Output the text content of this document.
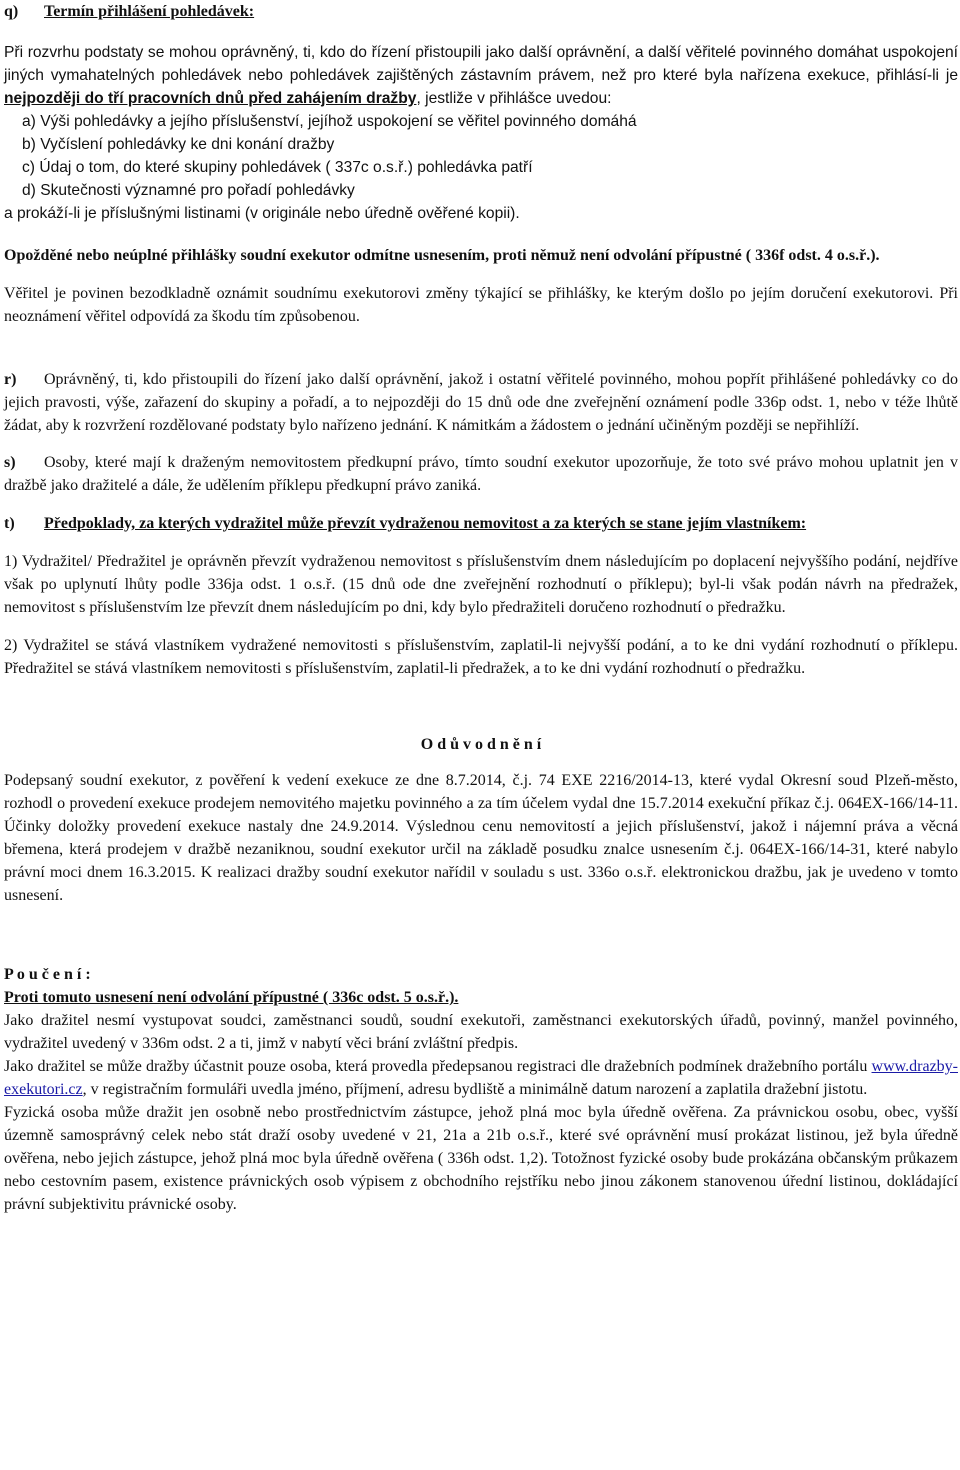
q) Termín přihlášení pohledávek:

Při rozvrhu podstaty se mohou oprávněný, ti, kdo do řízení přistoupili jako další oprávnění, a další věřitelé povinného domáhat uspokojení jiných vymahatelných pohledávek nebo pohledávek zajištěných zástavním právem, než pro které byla nařízena exekuce, přihlásí-li je nejpozději do tří pracovních dnů před zahájením dražby, jestliže v přihlášce uvedou:

a) Výši pohledávky a jejího příslušenství, jejíhož uspokojení se věřitel povinného domáhá

b) Vyčíslení pohledávky ke dni konání dražby

c) Údaj o tom, do které skupiny pohledávek ( 337c o.s.ř.) pohledávka patří

d) Skutečnosti významné pro pořadí pohledávky

a prokáží-li je příslušnými listinami (v originále nebo úředně ověřené kopii).

Opožděné nebo neúplné přihlášky soudní exekutor odmítne usnesením, proti němuž není odvolání přípustné ( 336f odst. 4 o.s.ř.).

Věřitel je povinen bezodkladně oznámit soudnímu exekutorovi změny týkající se přihlášky, ke kterým došlo po jejím doručení exekutorovi. Při neoznámení věřitel odpovídá za škodu tím způsobenou.

r) Oprávněný, ti, kdo přistoupili do řízení jako další oprávnění, jakož i ostatní věřitelé povinného, mohou popřít přihlášené pohledávky co do jejich pravosti, výše, zařazení do skupiny a pořadí, a to nejpozději do 15 dnů ode dne zveřejnění oznámení podle 336p odst. 1, nebo v téže lhůtě žádat, aby k rozvržení rozdělované podstaty bylo nařízeno jednání. K námitkám a žádostem o jednání učiněným později se nepřihlíží.

s) Osoby, které mají k draženým nemovitostem předkupní právo, tímto soudní exekutor upozorňuje, že toto své právo mohou uplatnit jen v dražbě jako dražitelé a dále, že udělením příklepu předkupní právo zaniká.

t) Předpoklady, za kterých vydražitel může převzít vydraženou nemovitost a za kterých se stane jejím vlastníkem:

1) Vydražitel/ Předražitel je oprávněn převzít vydraženou nemovitost s příslušenstvím dnem následujícím po doplacení nejvyššího podání, nejdříve však po uplynutí lhůty podle 336ja odst. 1 o.s.ř. (15 dnů ode dne zveřejnění rozhodnutí o příklepu); byl-li však podán návrh na předražek, nemovitost s příslušenstvím lze převzít dnem následujícím po dni, kdy bylo předražiteli doručeno rozhodnutí o předražku.

2) Vydražitel se stává vlastníkem vydražené nemovitosti s příslušenstvím, zaplatil-li nejvyšší podání, a to ke dni vydání rozhodnutí o příklepu. Předražitel se stává vlastníkem nemovitosti s příslušenstvím, zaplatil-li předražek, a to ke dni vydání rozhodnutí o předražku.

O d ů v o d n ě n í

Podepsaný soudní exekutor, z pověření k vedení exekuce ze dne 8.7.2014, č.j. 74 EXE 2216/2014-13, které vydal Okresní soud Plzeň-město, rozhodl o provedení exekuce prodejem nemovitého majetku povinného a za tím účelem vydal dne 15.7.2014 exekuční příkaz č.j. 064EX-166/14-11. Účinky doložky provedení exekuce nastaly dne 24.9.2014. Výslednou cenu nemovitostí a jejich příslušenství, jakož i nájemní práva a věcná břemena, která prodejem v dražbě nezaniknou, soudní exekutor určil na základě posudku znalce usnesením č.j. 064EX-166/14-31, které nabylo právní moci dnem 16.3.2015. K realizaci dražby soudní exekutor nařídil v souladu s ust. 336o o.s.ř. elektronickou dražbu, jak je uvedeno v tomto usnesení.

P o u č e n í :

Proti tomuto usnesení není odvolání přípustné ( 336c odst. 5 o.s.ř.).

Jako dražitel nesmí vystupovat soudci, zaměstnanci soudů, soudní exekutoři, zaměstnanci exekutorských úřadů, povinný, manžel povinného, vydražitel uvedený v 336m odst. 2 a ti, jimž v nabytí věci brání zvláštní předpis.

Jako dražitel se může dražby účastnit pouze osoba, která provedla předepsanou registraci dle dražebních podmínek dražebního portálu www.drazby-exekutori.cz, v registračním formuláři uvedla jméno, příjmení, adresu bydliště a minimálně datum narození a zaplatila dražební jistotu.

Fyzická osoba může dražit jen osobně nebo prostřednictvím zástupce, jehož plná moc byla úředně ověřena. Za právnickou osobu, obec, vyšší územně samosprávný celek nebo stát draží osoby uvedené v 21, 21a a 21b o.s.ř., které své oprávnění musí prokázat listinou, jež byla úředně ověřena, nebo jejich zástupce, jehož plná moc byla úředně ověřena ( 336h odst. 1,2). Totožnost fyzické osoby bude prokázána občanským průkazem nebo cestovním pasem, existence právnických osob výpisem z obchodního rejstříku nebo jinou zákonem stanovenou úřední listinou, dokládající právní subjektivitu právnické osoby.
